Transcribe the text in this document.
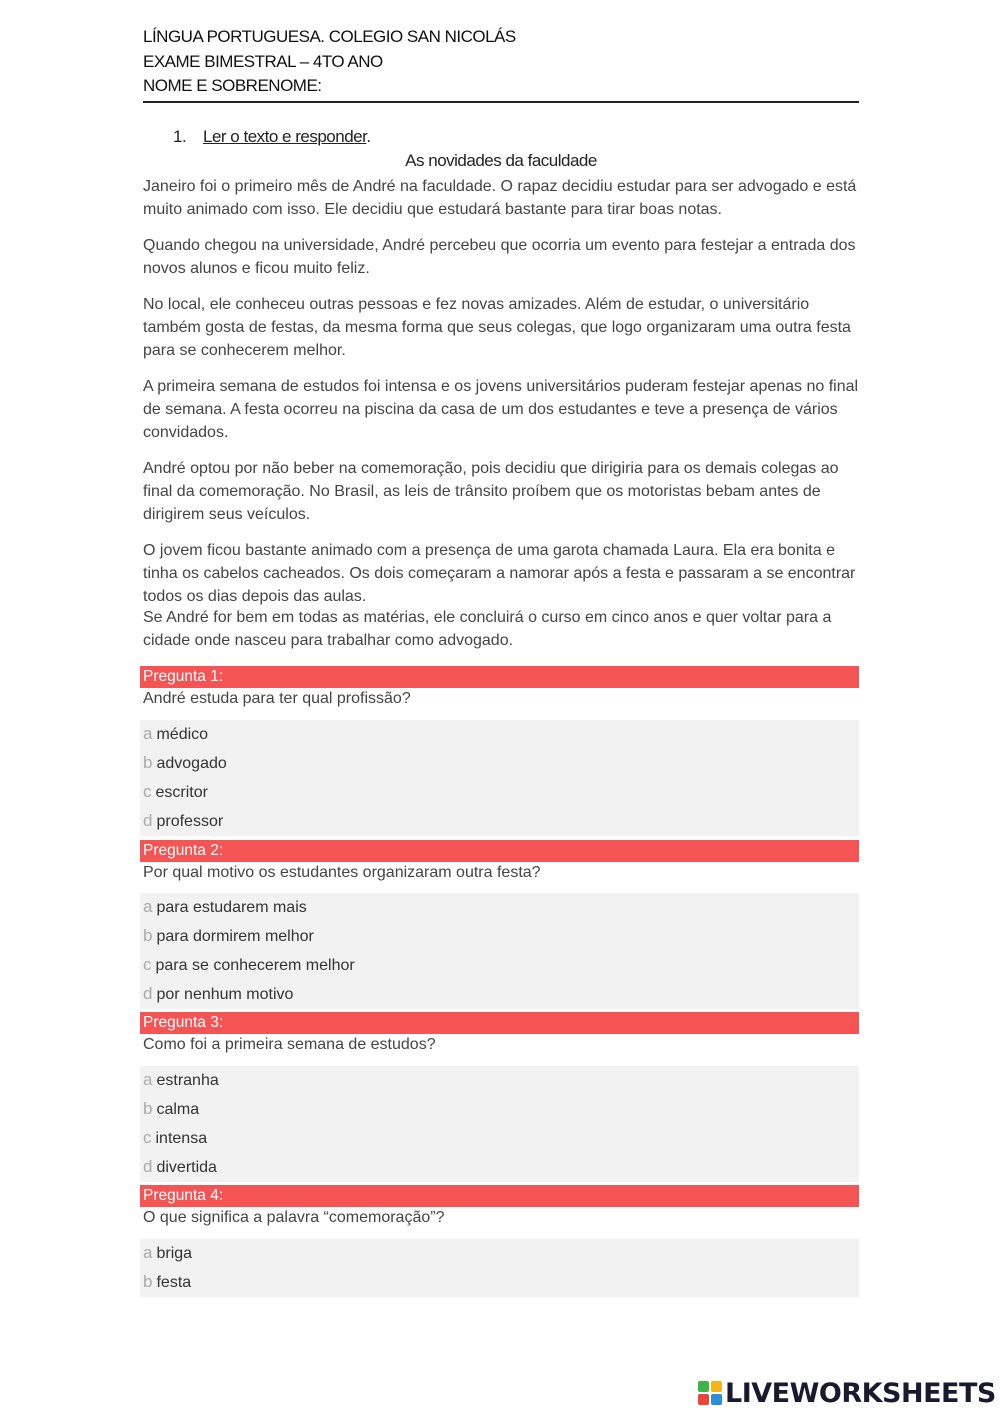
LÍNGUA PORTUGUESA. COLEGIO SAN NICOLÁS
EXAME BIMESTRAL – 4TO ANO
NOME E SOBRENOME:
1. Ler o texto e responder.
As novidades da faculdade
Janeiro foi o primeiro mês de André na faculdade. O rapaz decidiu estudar para ser advogado e está muito animado com isso. Ele decidiu que estudará bastante para tirar boas notas.
Quando chegou na universidade, André percebeu que ocorria um evento para festejar a entrada dos novos alunos e ficou muito feliz.
No local, ele conheceu outras pessoas e fez novas amizades. Além de estudar, o universitário também gosta de festas, da mesma forma que seus colegas, que logo organizaram uma outra festa para se conhecerem melhor.
A primeira semana de estudos foi intensa e os jovens universitários puderam festejar apenas no final de semana. A festa ocorreu na piscina da casa de um dos estudantes e teve a presença de vários convidados.
André optou por não beber na comemoração, pois decidiu que dirigiria para os demais colegas ao final da comemoração. No Brasil, as leis de trânsito proíbem que os motoristas bebam antes de dirigirem seus veículos.
O jovem ficou bastante animado com a presença de uma garota chamada Laura. Ela era bonita e tinha os cabelos cacheados. Os dois começaram a namorar após a festa e passaram a se encontrar todos os dias depois das aulas.
Se André for bem em todas as matérias, ele concluirá o curso em cinco anos e quer voltar para a cidade onde nasceu para trabalhar como advogado.
Pregunta 1:
André estuda para ter qual profissão?
a médico
b advogado
c escritor
d professor
Pregunta 2:
Por qual motivo os estudantes organizaram outra festa?
a para estudarem mais
b para dormirem melhor
c para se conhecerem melhor
d por nenhum motivo
Pregunta 3:
Como foi a primeira semana de estudos?
a estranha
b calma
c intensa
d divertida
Pregunta 4:
O que significa a palavra “comemoração”?
a briga
b festa
LIVEWORKSHEETS
